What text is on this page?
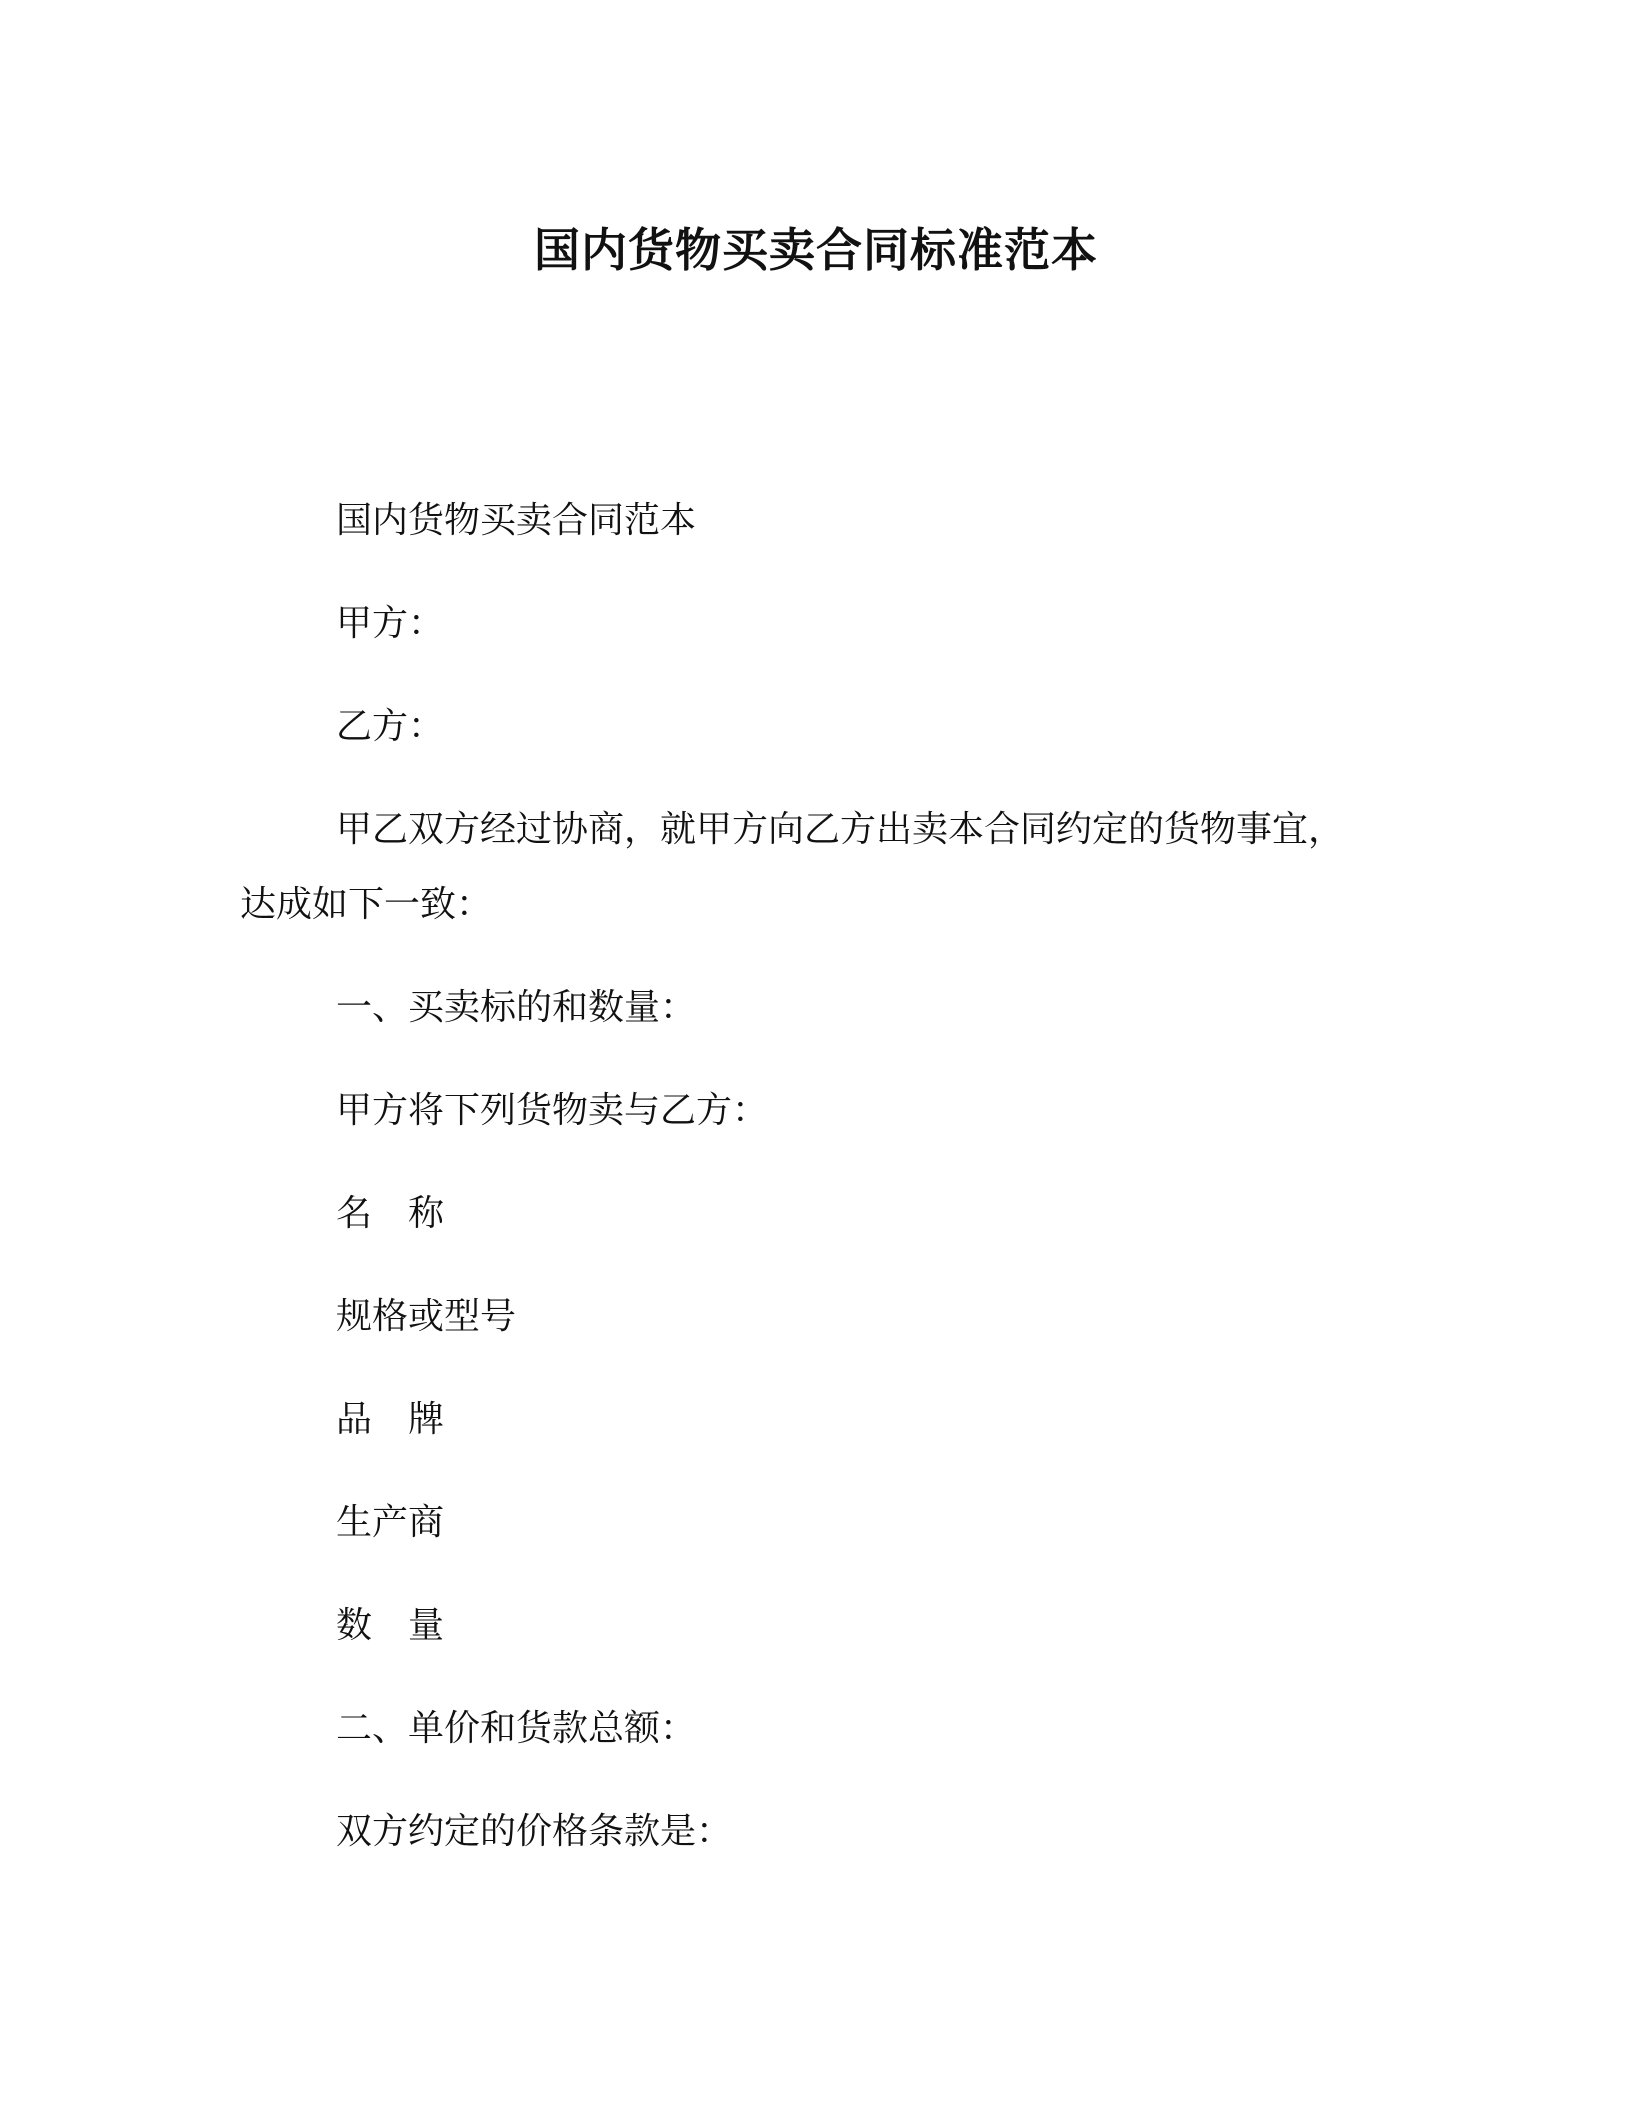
国内货物买卖合同标准范本
国内货物买卖合同范本
甲方：
乙方：
甲乙双方经过协商，就甲方向乙方出卖本合同约定的货物事宜，
达成如下一致：
一、买卖标的和数量：
甲方将下列货物卖与乙方：
名　称
规格或型号
品　牌
生产商
数　量
二、单价和货款总额：
双方约定的价格条款是：
